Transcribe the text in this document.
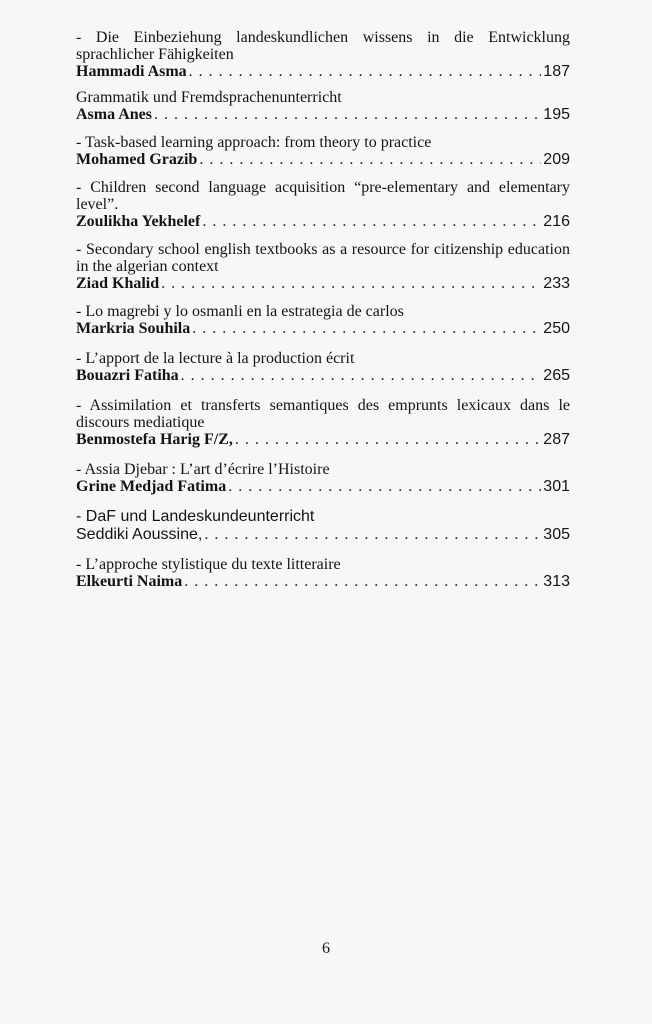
- Die Einbeziehung landeskundlichen wissens in die Entwicklung sprachlicher Fähigkeiten
Hammadi Asma . . .	187
Grammatik und Fremdsprachenunterricht
Asma Anes . . .	195
- Task-based learning approach: from theory to practice
Mohamed Grazib . . .	209
- Children second language acquisition “pre-elementary and elementary level”.
Zoulikha Yekhelef . . .	216
- Secondary school english textbooks as a resource for citizenship education in the algerian context
Ziad Khalid . . .	233
- Lo magrebi y lo osmanli en la estrategia de carlos
Markria Souhila . . .	250
- L’apport de la lecture à la production écrit
Bouazri Fatiha . . .	265
- Assimilation et transferts semantiques des emprunts lexicaux dans le discours mediatique
Benmostefa Harig F/Z, . . .	287
- Assia Djebar : L’art d’écrire l’Histoire
Grine Medjad Fatima . . .	301
- DaF und Landeskundeunterricht
Seddiki Aoussine, . . .	305
- L’approche stylistique du texte litteraire
Elkeurti Naima . . .	313
6
